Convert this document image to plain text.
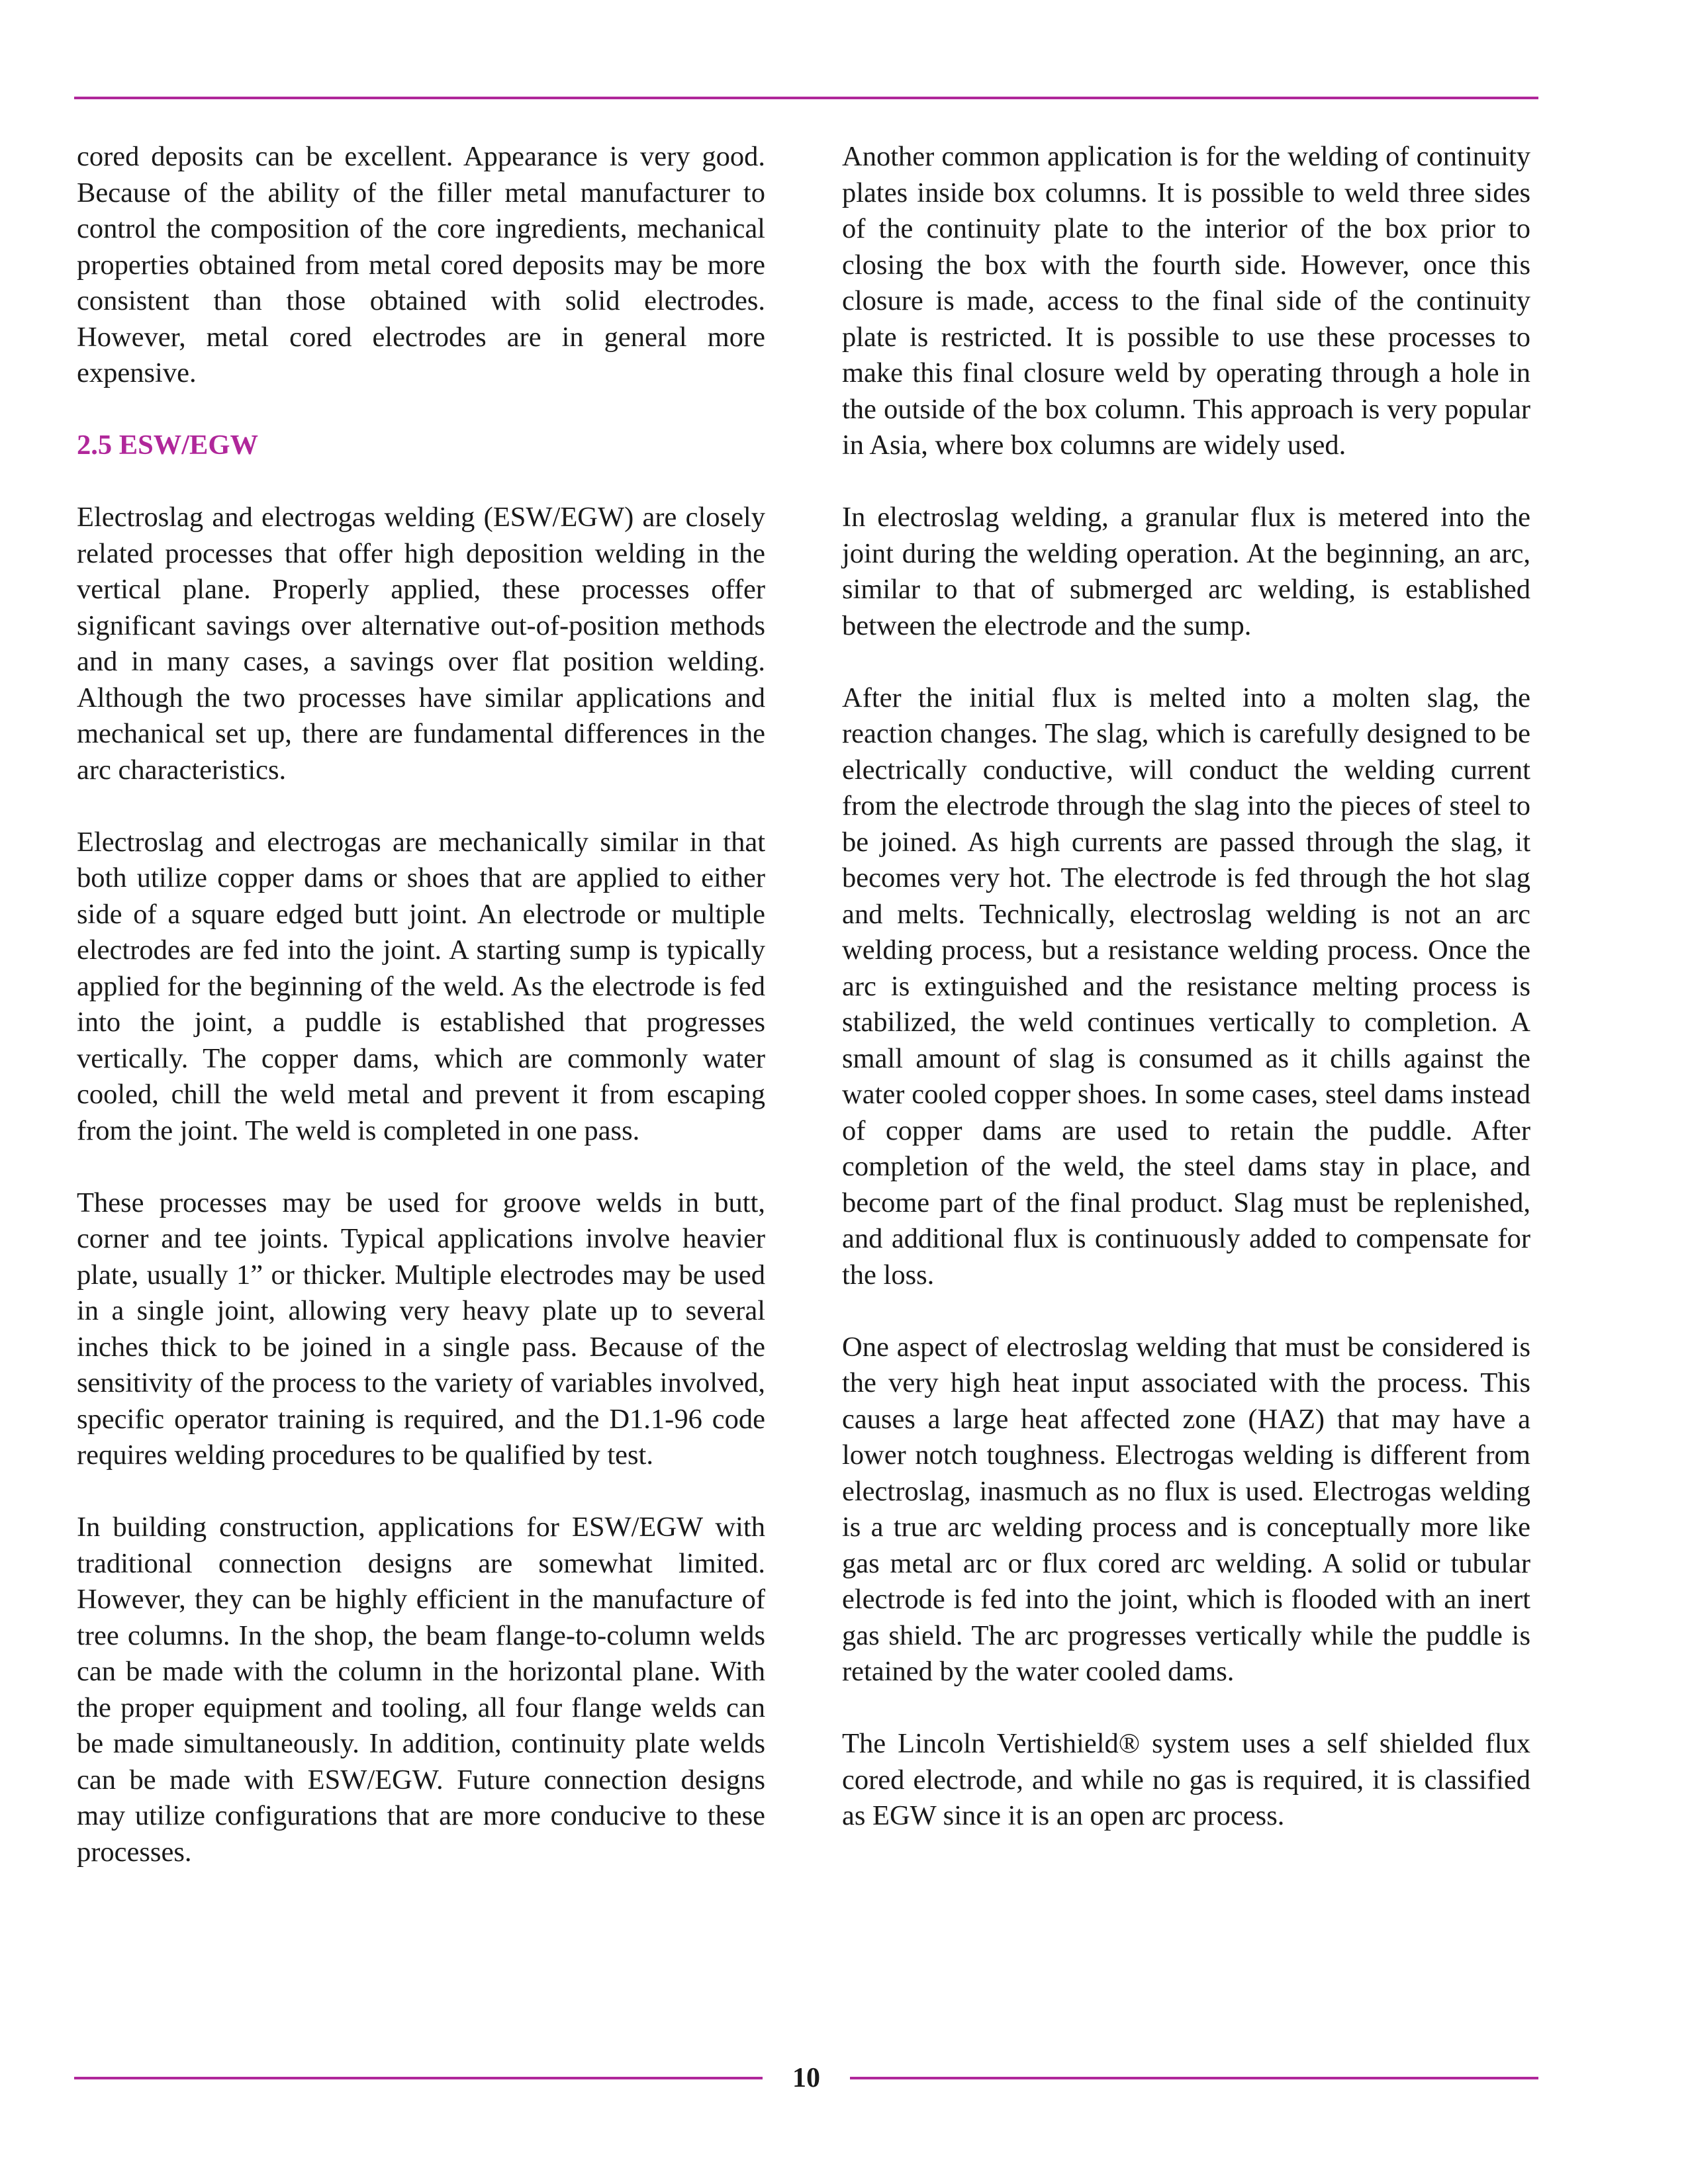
cored deposits can be excellent. Appearance is very good. Because of the ability of the filler metal manufacturer to control the composition of the core ingredients, mechanical properties obtained from metal cored deposits may be more consistent than those obtained with solid electrodes. However, metal cored electrodes are in general more expensive.

2.5 ESW/EGW

Electroslag and electrogas welding (ESW/EGW) are closely related processes that offer high deposition welding in the vertical plane. Properly applied, these processes offer significant savings over alternative out-of-position methods and in many cases, a savings over flat position welding. Although the two processes have similar applications and mechanical set up, there are fundamental differences in the arc characteristics.

Electroslag and electrogas are mechanically similar in that both utilize copper dams or shoes that are applied to either side of a square edged butt joint. An electrode or multiple electrodes are fed into the joint. A starting sump is typically applied for the beginning of the weld. As the electrode is fed into the joint, a puddle is established that progresses vertically. The copper dams, which are commonly water cooled, chill the weld metal and prevent it from escaping from the joint. The weld is completed in one pass.

These processes may be used for groove welds in butt, corner and tee joints. Typical applications involve heavier plate, usually 1” or thicker. Multiple electrodes may be used in a single joint, allowing very heavy plate up to several inches thick to be joined in a single pass. Because of the sensitivity of the process to the variety of variables involved, specific operator training is required, and the D1.1-96 code requires welding procedures to be qualified by test.

In building construction, applications for ESW/EGW with traditional connection designs are somewhat limited. However, they can be highly efficient in the manufacture of tree columns. In the shop, the beam flange-to-column welds can be made with the column in the horizontal plane. With the proper equipment and tooling, all four flange welds can be made simultaneously. In addition, continuity plate welds can be made with ESW/EGW. Future connection designs may utilize configurations that are more conducive to these processes.

Another common application is for the welding of continuity plates inside box columns. It is possible to weld three sides of the continuity plate to the interior of the box prior to closing the box with the fourth side. However, once this closure is made, access to the final side of the continuity plate is restricted. It is possible to use these processes to make this final closure weld by operating through a hole in the outside of the box column. This approach is very popular in Asia, where box columns are widely used.

In electroslag welding, a granular flux is metered into the joint during the welding operation. At the beginning, an arc, similar to that of submerged arc welding, is established between the electrode and the sump.

After the initial flux is melted into a molten slag, the reaction changes. The slag, which is carefully designed to be electrically conductive, will conduct the welding current from the electrode through the slag into the pieces of steel to be joined. As high currents are passed through the slag, it becomes very hot. The electrode is fed through the hot slag and melts. Technically, electroslag welding is not an arc welding process, but a resistance welding process. Once the arc is extinguished and the resistance melting process is stabilized, the weld continues vertically to completion. A small amount of slag is consumed as it chills against the water cooled copper shoes. In some cases, steel dams instead of copper dams are used to retain the puddle. After completion of the weld, the steel dams stay in place, and become part of the final product. Slag must be replenished, and additional flux is continuously added to compensate for the loss.

One aspect of electroslag welding that must be considered is the very high heat input associated with the process. This causes a large heat affected zone (HAZ) that may have a lower notch toughness. Electrogas welding is different from electroslag, inasmuch as no flux is used. Electrogas welding is a true arc welding process and is conceptually more like gas metal arc or flux cored arc welding. A solid or tubular electrode is fed into the joint, which is flooded with an inert gas shield. The arc progresses vertically while the puddle is retained by the water cooled dams.

The Lincoln Vertishield® system uses a self shielded flux cored electrode, and while no gas is required, it is classified as EGW since it is an open arc process.

10
